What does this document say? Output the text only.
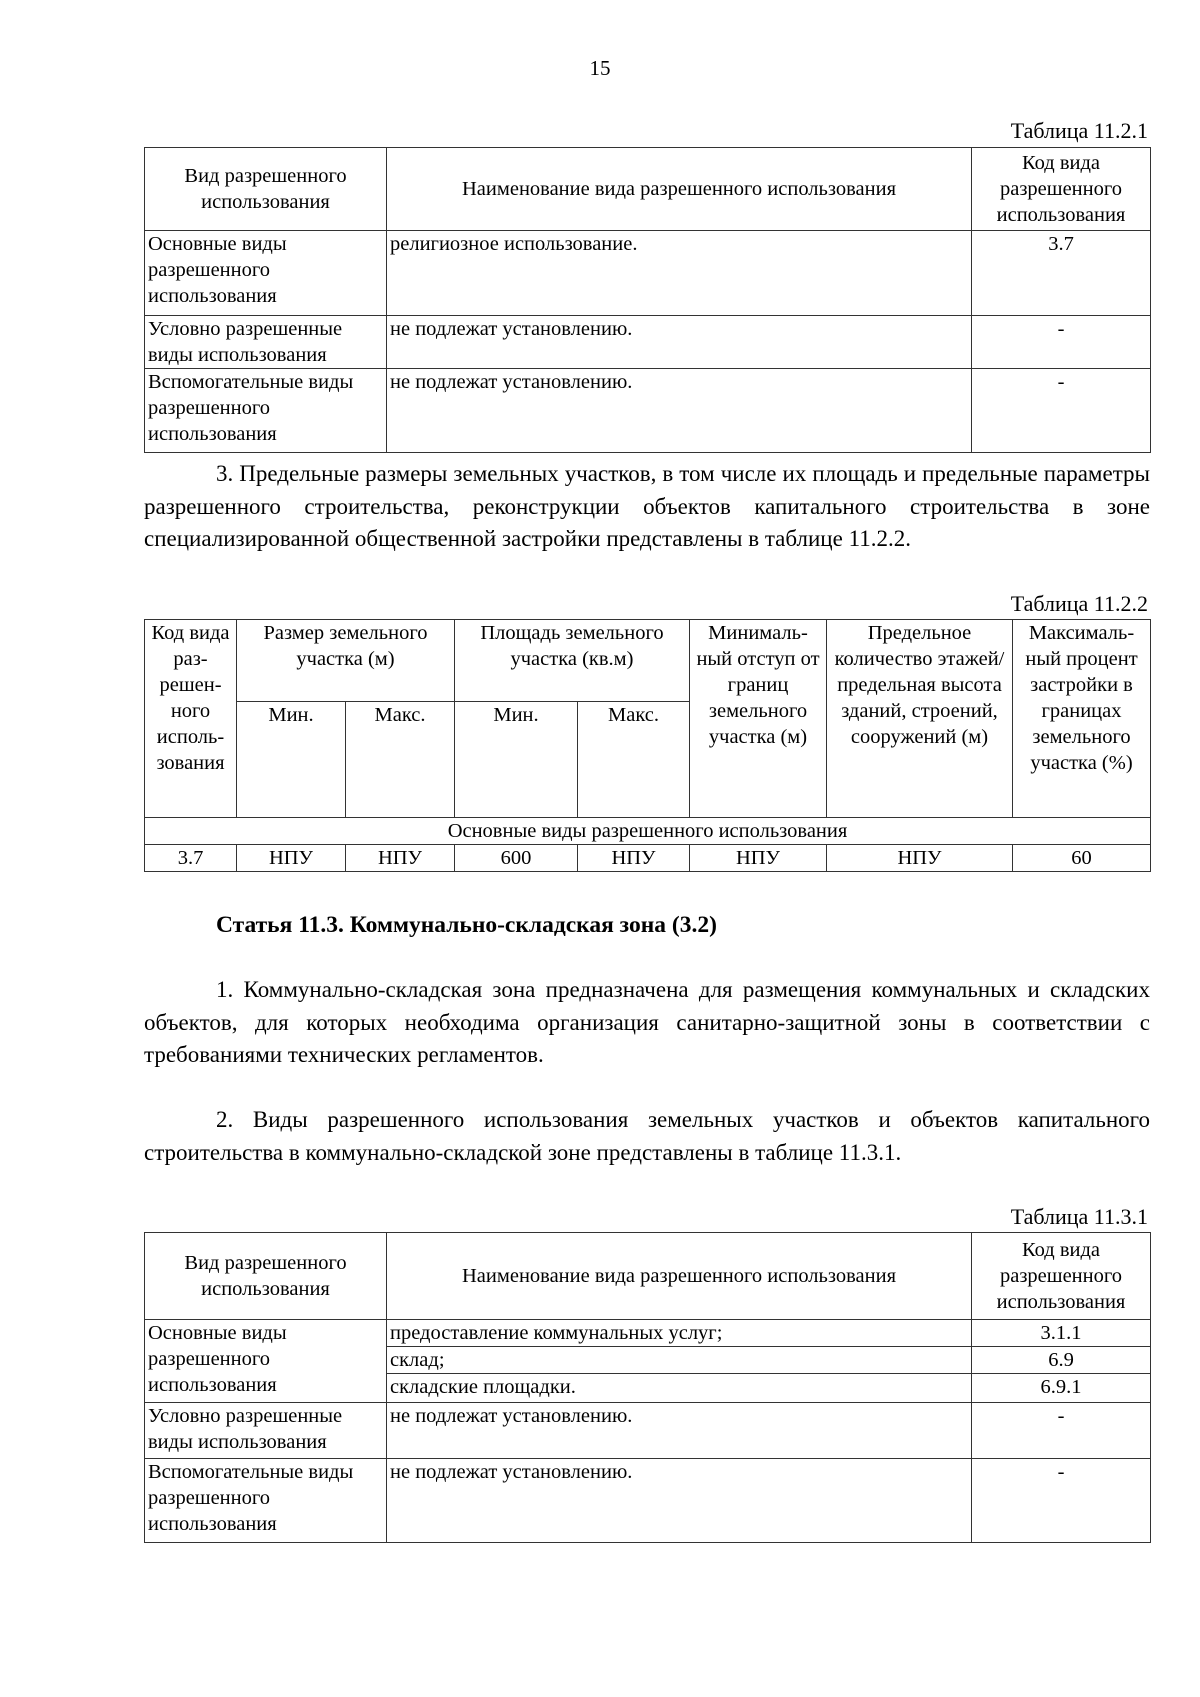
15
Таблица 11.2.1
Вид разрешенного использования	Наименование вида разрешенного использования	Код вида разрешенного использования
Основные виды разрешенного использования	религиозное использование.	3.7
Условно разрешенные виды использования	не подлежат установлению.	-
Вспомогательные виды разрешенного использования	не подлежат установлению.	-
3. Предельные размеры земельных участков, в том числе их площадь и предельные параметры разрешенного строительства, реконструкции объектов капитального строительства в зоне специализированной общественной застройки представлены в таблице 11.2.2.
Таблица 11.2.2
Код вида раз-решен-ного исполь-зования	Размер земельного участка (м)		Площадь земельного участка (кв.м)		Минималь-ный отступ от границ земельного участка (м)	Предельное количество этажей/ предельная высота зданий, строений, сооружений (м)	Максималь-ный процент застройки в границах земельного участка (%)
	Мин.	Макс.	Мин.	Макс.			
Основные виды разрешенного использования							
3.7	НПУ	НПУ	600	НПУ	НПУ	НПУ	60
Статья 11.3. Коммунально-складская зона (3.2)
1. Коммунально-складская зона предназначена для размещения коммунальных и складских объектов, для которых необходима организация санитарно-защитной зоны в соответствии с требованиями технических регламентов.
2. Виды разрешенного использования земельных участков и объектов капитального строительства в коммунально-складской зоне представлены в таблице 11.3.1.
Таблица 11.3.1
Вид разрешенного использования	Наименование вида разрешенного использования	Код вида разрешенного использования
Основные виды разрешенного использования	предоставление коммунальных услуг;	3.1.1
	склад;	6.9
	складские площадки.	6.9.1
Условно разрешенные виды использования	не подлежат установлению.	-
Вспомогательные виды разрешенного использования	не подлежат установлению.	-
